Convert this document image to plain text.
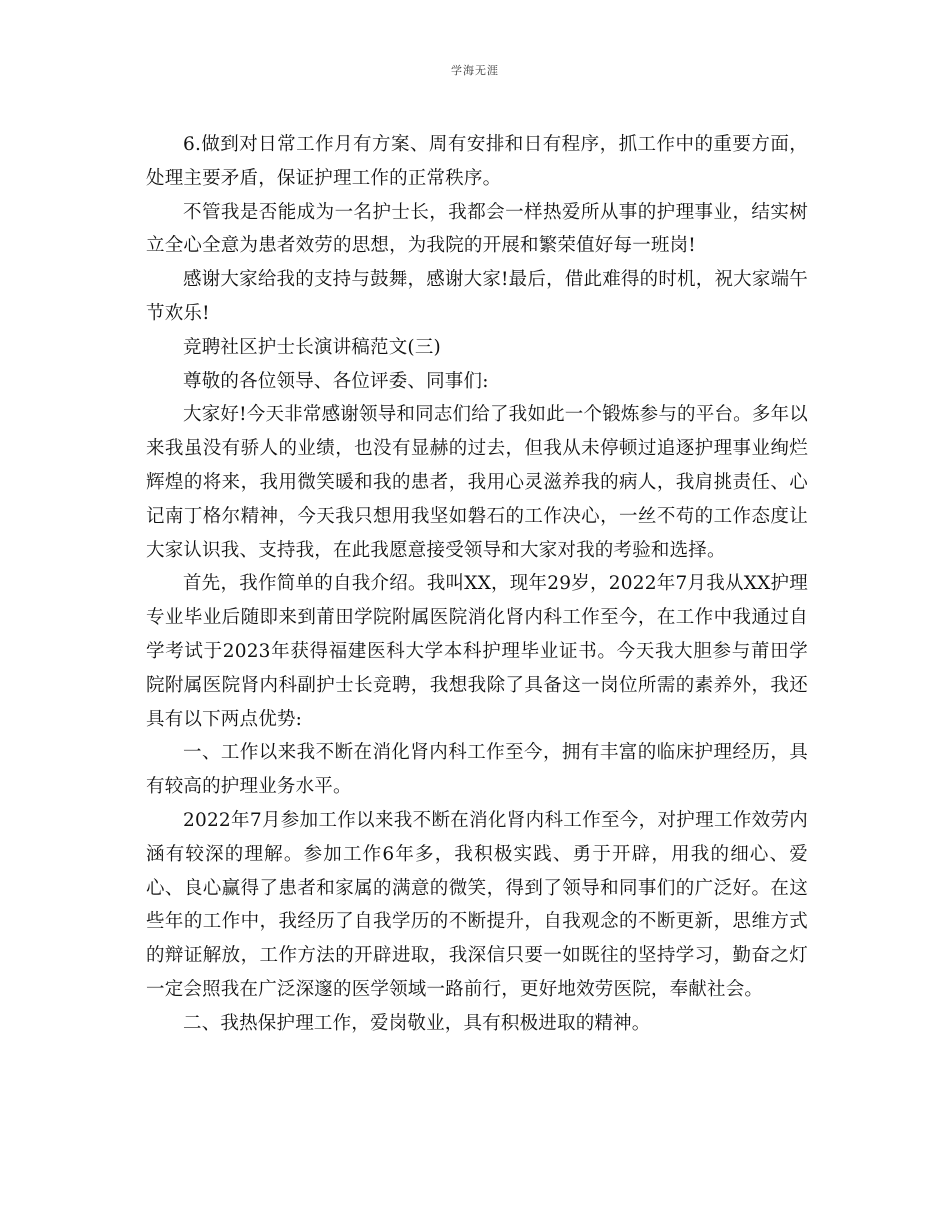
学海无涯

6.做到对日常工作月有方案、周有安排和日有程序，抓工作中的重要方面，处理主要矛盾，保证护理工作的正常秩序。

不管我是否能成为一名护士长，我都会一样热爱所从事的护理事业，结实树立全心全意为患者效劳的思想，为我院的开展和繁荣值好每一班岗!

感谢大家给我的支持与鼓舞，感谢大家!最后，借此难得的时机，祝大家端午节欢乐!

竞聘社区护士长演讲稿范文(三)

尊敬的各位领导、各位评委、同事们:

大家好!今天非常感谢领导和同志们给了我如此一个锻炼参与的平台。多年以来我虽没有骄人的业绩，也没有显赫的过去，但我从未停顿过追逐护理事业绚烂辉煌的将来，我用微笑暖和我的患者，我用心灵滋养我的病人，我肩挑责任、心记南丁格尔精神，今天我只想用我坚如磐石的工作决心，一丝不苟的工作态度让大家认识我、支持我，在此我愿意接受领导和大家对我的考验和选择。

首先，我作简单的自我介绍。我叫XX，现年29岁，2022年7月我从XX护理专业毕业后随即来到莆田学院附属医院消化肾内科工作至今，在工作中我通过自学考试于2023年获得福建医科大学本科护理毕业证书。今天我大胆参与莆田学院附属医院肾内科副护士长竞聘，我想我除了具备这一岗位所需的素养外，我还具有以下两点优势:

一、工作以来我不断在消化肾内科工作至今，拥有丰富的临床护理经历，具有较高的护理业务水平。

2022年7月参加工作以来我不断在消化肾内科工作至今，对护理工作效劳内涵有较深的理解。参加工作6年多，我积极实践、勇于开辟，用我的细心、爱心、良心赢得了患者和家属的满意的微笑，得到了领导和同事们的广泛好。在这些年的工作中，我经历了自我学历的不断提升，自我观念的不断更新，思维方式的辩证解放，工作方法的开辟进取，我深信只要一如既往的坚持学习，勤奋之灯一定会照我在广泛深邃的医学领域一路前行，更好地效劳医院，奉献社会。

二、我热保护理工作，爱岗敬业，具有积极进取的精神。
